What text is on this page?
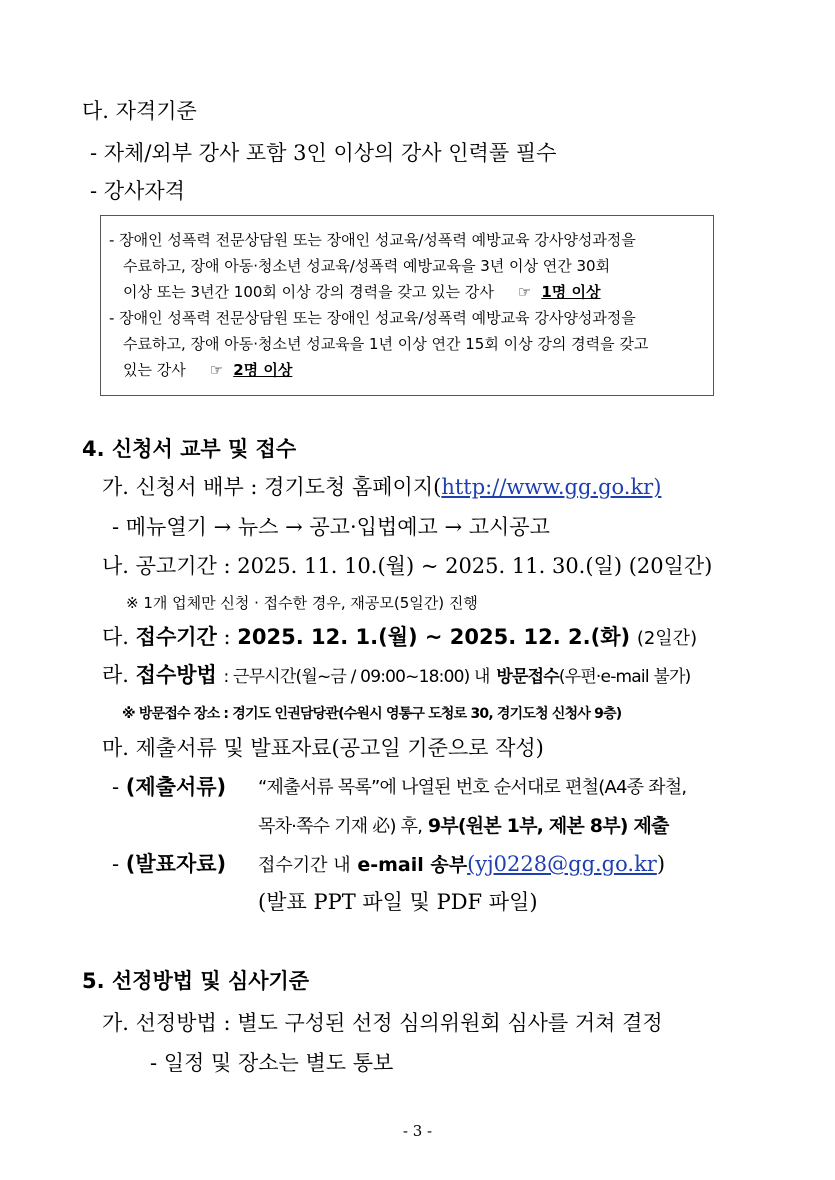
다. 자격기준
- 자체/외부 강사 포함 3인 이상의 강사 인력풀 필수
- 강사자격
- 장애인 성폭력 전문상담원 또는 장애인 성교육/성폭력 예방교육 강사양성과정을
수료하고, 장애 아동·청소년 성교육/성폭력 예방교육을 3년 이상 연간 30회
이상 또는 3년간 100회 이상 강의 경력을 갖고 있는 강사 ☞ 1명 이상
- 장애인 성폭력 전문상담원 또는 장애인 성교육/성폭력 예방교육 강사양성과정을
수료하고, 장애 아동·청소년 성교육을 1년 이상 연간 15회 이상 강의 경력을 갖고
있는 강사 ☞ 2명 이상
4. 신청서 교부 및 접수
가. 신청서 배부 : 경기도청 홈페이지(http://www.gg.go.kr)
- 메뉴열기 → 뉴스 → 공고·입법예고 → 고시공고
나. 공고기간 : 2025. 11. 10.(월) ~ 2025. 11. 30.(일) (20일간)
※ 1개 업체만 신청 · 접수한 경우, 재공모(5일간) 진행
다. 접수기간 : 2025. 12. 1.(월) ~ 2025. 12. 2.(화) (2일간)
라. 접수방법 : 근무시간(월~금 / 09:00~18:00) 내 방문접수(우편·e-mail 불가)
※ 방문접수 장소 : 경기도 인권담당관(수원시 영통구 도청로 30, 경기도청 신청사 9층)
마. 제출서류 및 발표자료(공고일 기준으로 작성)
- (제출서류) “제출서류 목록”에 나열된 번호 순서대로 편철(A4종 좌철,
목차·쪽수 기재 必) 후, 9부(원본 1부, 제본 8부) 제출
- (발표자료) 접수기간 내 e-mail 송부(yj0228@gg.go.kr)
(발표 PPT 파일 및 PDF 파일)
5. 선정방법 및 심사기준
가. 선정방법 : 별도 구성된 선정 심의위원회 심사를 거쳐 결정
- 일정 및 장소는 별도 통보
- 3 -
